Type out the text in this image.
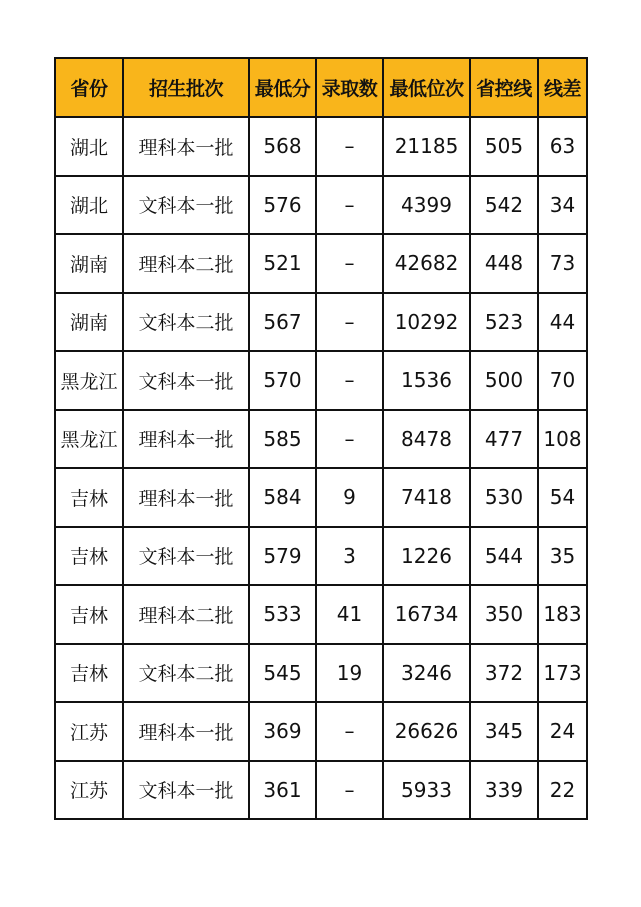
省份	招生批次	最低分	录取数	最低位次	省控线	线差
湖北	理科本一批	568	–	21185	505	63
湖北	文科本一批	576	–	4399	542	34
湖南	理科本二批	521	–	42682	448	73
湖南	文科本二批	567	–	10292	523	44
黑龙江	文科本一批	570	–	1536	500	70
黑龙江	理科本一批	585	–	8478	477	108
吉林	理科本一批	584	9	7418	530	54
吉林	文科本一批	579	3	1226	544	35
吉林	理科本二批	533	41	16734	350	183
吉林	文科本二批	545	19	3246	372	173
江苏	理科本一批	369	–	26626	345	24
江苏	文科本一批	361	–	5933	339	22
